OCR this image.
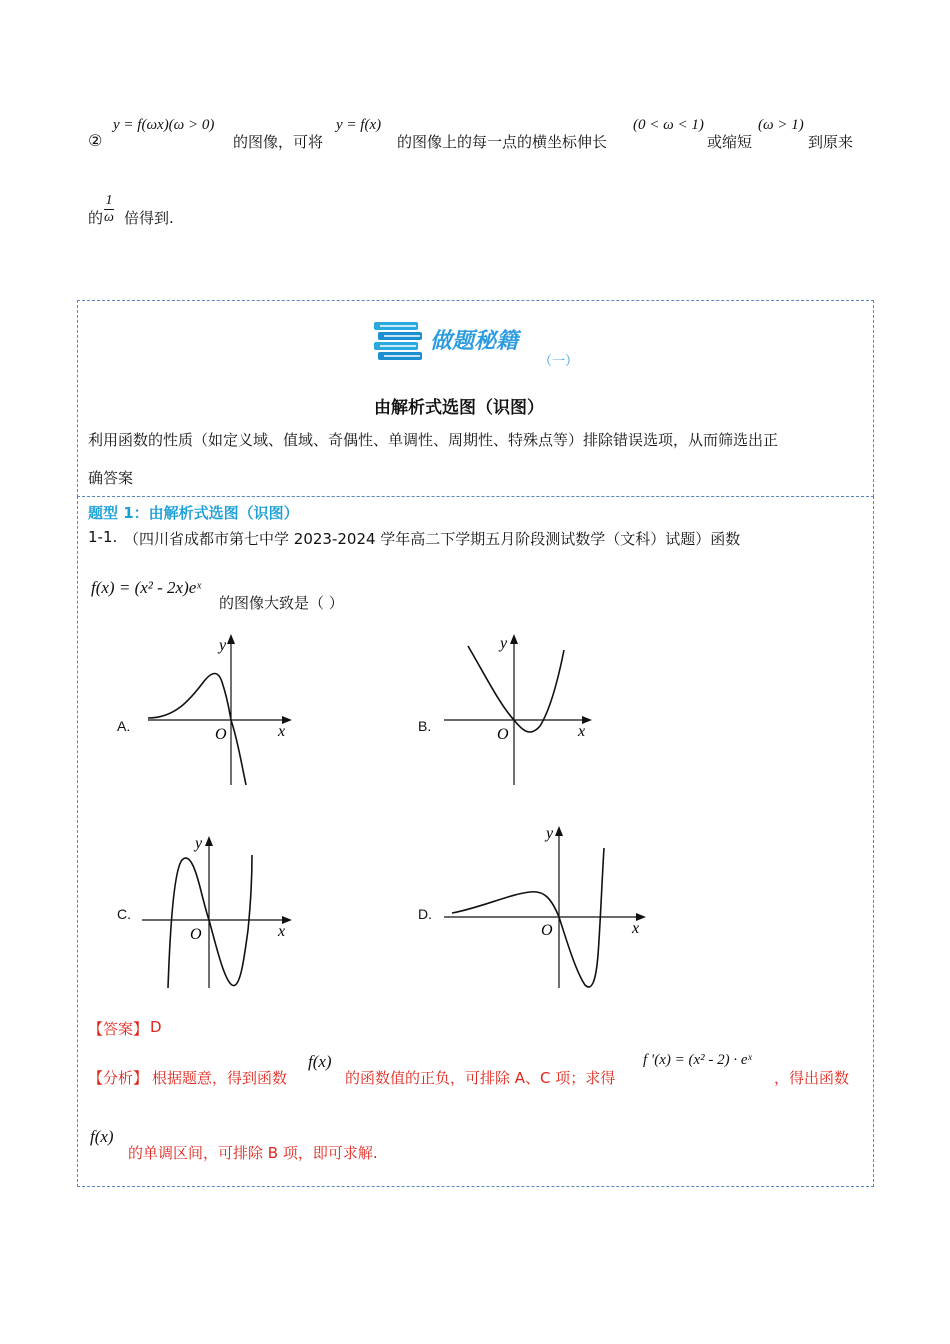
②
y = f(ωx)(ω > 0)
的图像，可将
y = f(x)
的图像上的每一点的横坐标伸长
(0 < ω < 1)
或缩短
(ω > 1)
到原来
的 $\frac{1}{\omega}$ 倍得到.
做题秘籍
（一）
由解析式选图（识图）
利用函数的性质（如定义域、值域、奇偶性、单调性、周期性、特殊点等）排除错误选项，从而筛选出正
确答案
题型 1：由解析式选图（识图）
1-1. （四川省成都市第七中学 2023-2024 学年高二下学期五月阶段测试数学（文科）试题）函数
f(x) = (x² - 2x)eˣ
的图像大致是（ ）
A.
y
x
O	B.
y
x
O
C.
y
x
O
D.
y
x
O
【答案】 D
【分析】 根据题意，得到函数
f(x)
的函数值的正负，可排除 A、C 项；求得
f ′(x) = (x² - 2) · eˣ
，得出函数
f(x)
的单调区间，可排除 B 项，即可求解.
